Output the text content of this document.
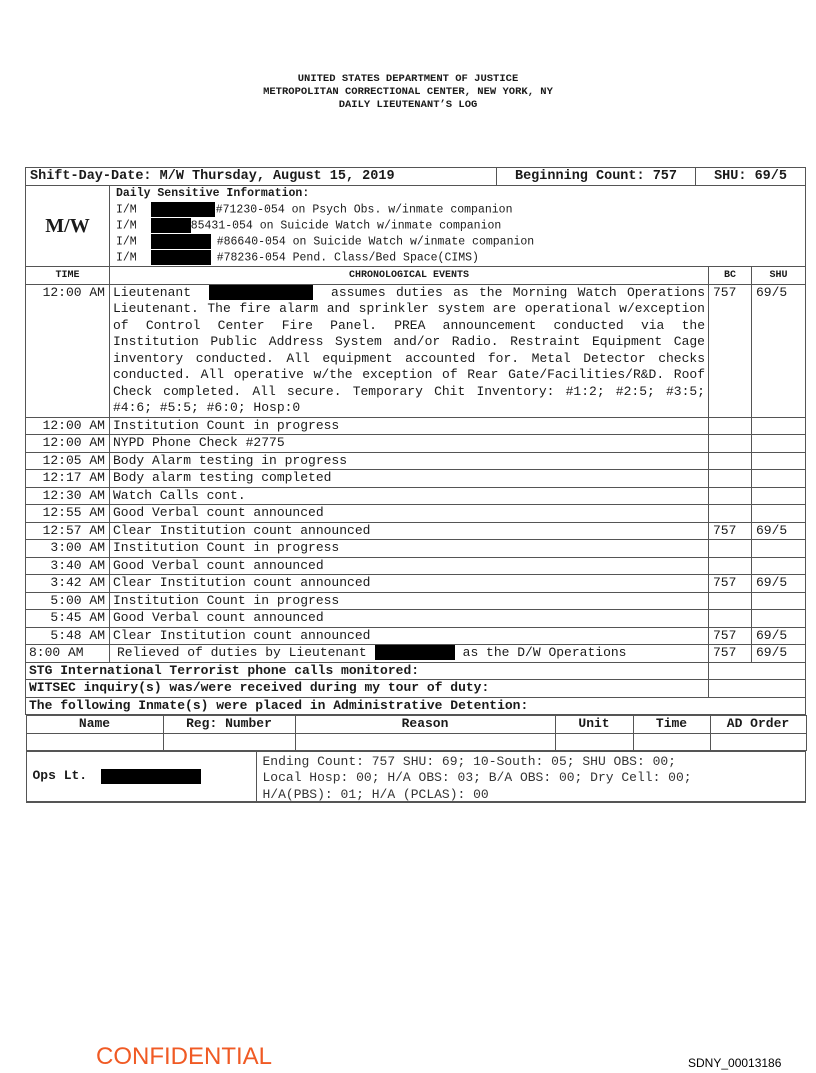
UNITED STATES DEPARTMENT OF JUSTICE
METROPOLITAN CORRECTIONAL CENTER, NEW YORK, NY
DAILY LIEUTENANT’S LOG
Shift-Day-Date: M/W Thursday, August 15, 2019	Beginning Count: 757	SHU: 69/5

M/W	
Daily Sensitive Information:
I/M	#71230-054 on Psych Obs. w/inmate companion
I/M	85431-054 on Suicide Watch w/inmate companion
I/M	#86640-054 on Suicide Watch w/inmate companion
I/M	#78236-054 Pend. Class/Bed Space(CIMS)

TIME	CHRONOLOGICAL EVENTS	BC	SHU
12:00 AM	Lieutenant	assumes duties as the Morning Watch Operations Lieutenant. The fire alarm and sprinkler system are operational w/exception of Control Center Fire Panel. PREA announcement conducted via the Institution Public Address System and/or Radio. Restraint Equipment Cage inventory conducted. All equipment accounted for. Metal Detector checks conducted. All operative w/the exception of Rear Gate/Facilities/R&D. Roof Check completed. All secure. Temporary Chit Inventory: #1:2; #2:5; #3:5; #4:6; #5:5; #6:0; Hosp:0	757	69/5
12:00 AM	Institution Count in progress		
12:00 AM	NYPD Phone Check #2775		
12:05 AM	Body Alarm testing in progress		
12:17 AM	Body alarm testing completed		
12:30 AM	Watch Calls cont.		
12:55 AM	Good Verbal count announced		
12:57 AM	Clear Institution count announced	757	69/5
3:00 AM	Institution Count in progress		
3:40 AM	Good Verbal count announced		
3:42 AM	Clear Institution count announced	757	69/5
5:00 AM	Institution Count in progress		
5:45 AM	Good Verbal count announced		
5:48 AM	Clear Institution count announced	757	69/5
8:00 AM	Relieved of duties by Lieutenant	as the D/W Operations	757	69/5
STG International Terrorist phone calls monitored:	
WITSEC inquiry(s) was/were received during my tour of duty:	
The following Inmate(s) were placed in Administrative Detention:

Name	Reg: Number	Reason	Unit	Time	AD Order

Ops Lt.
Ending Count: 757 SHU: 69; 10-South: 05; SHU OBS: 00;
Local Hosp: 00; H/A OBS: 03; B/A OBS: 00; Dry Cell: 00;
H/A(PBS): 01; H/A (PCLAS): 00
CONFIDENTIAL	SDNY_00013186
